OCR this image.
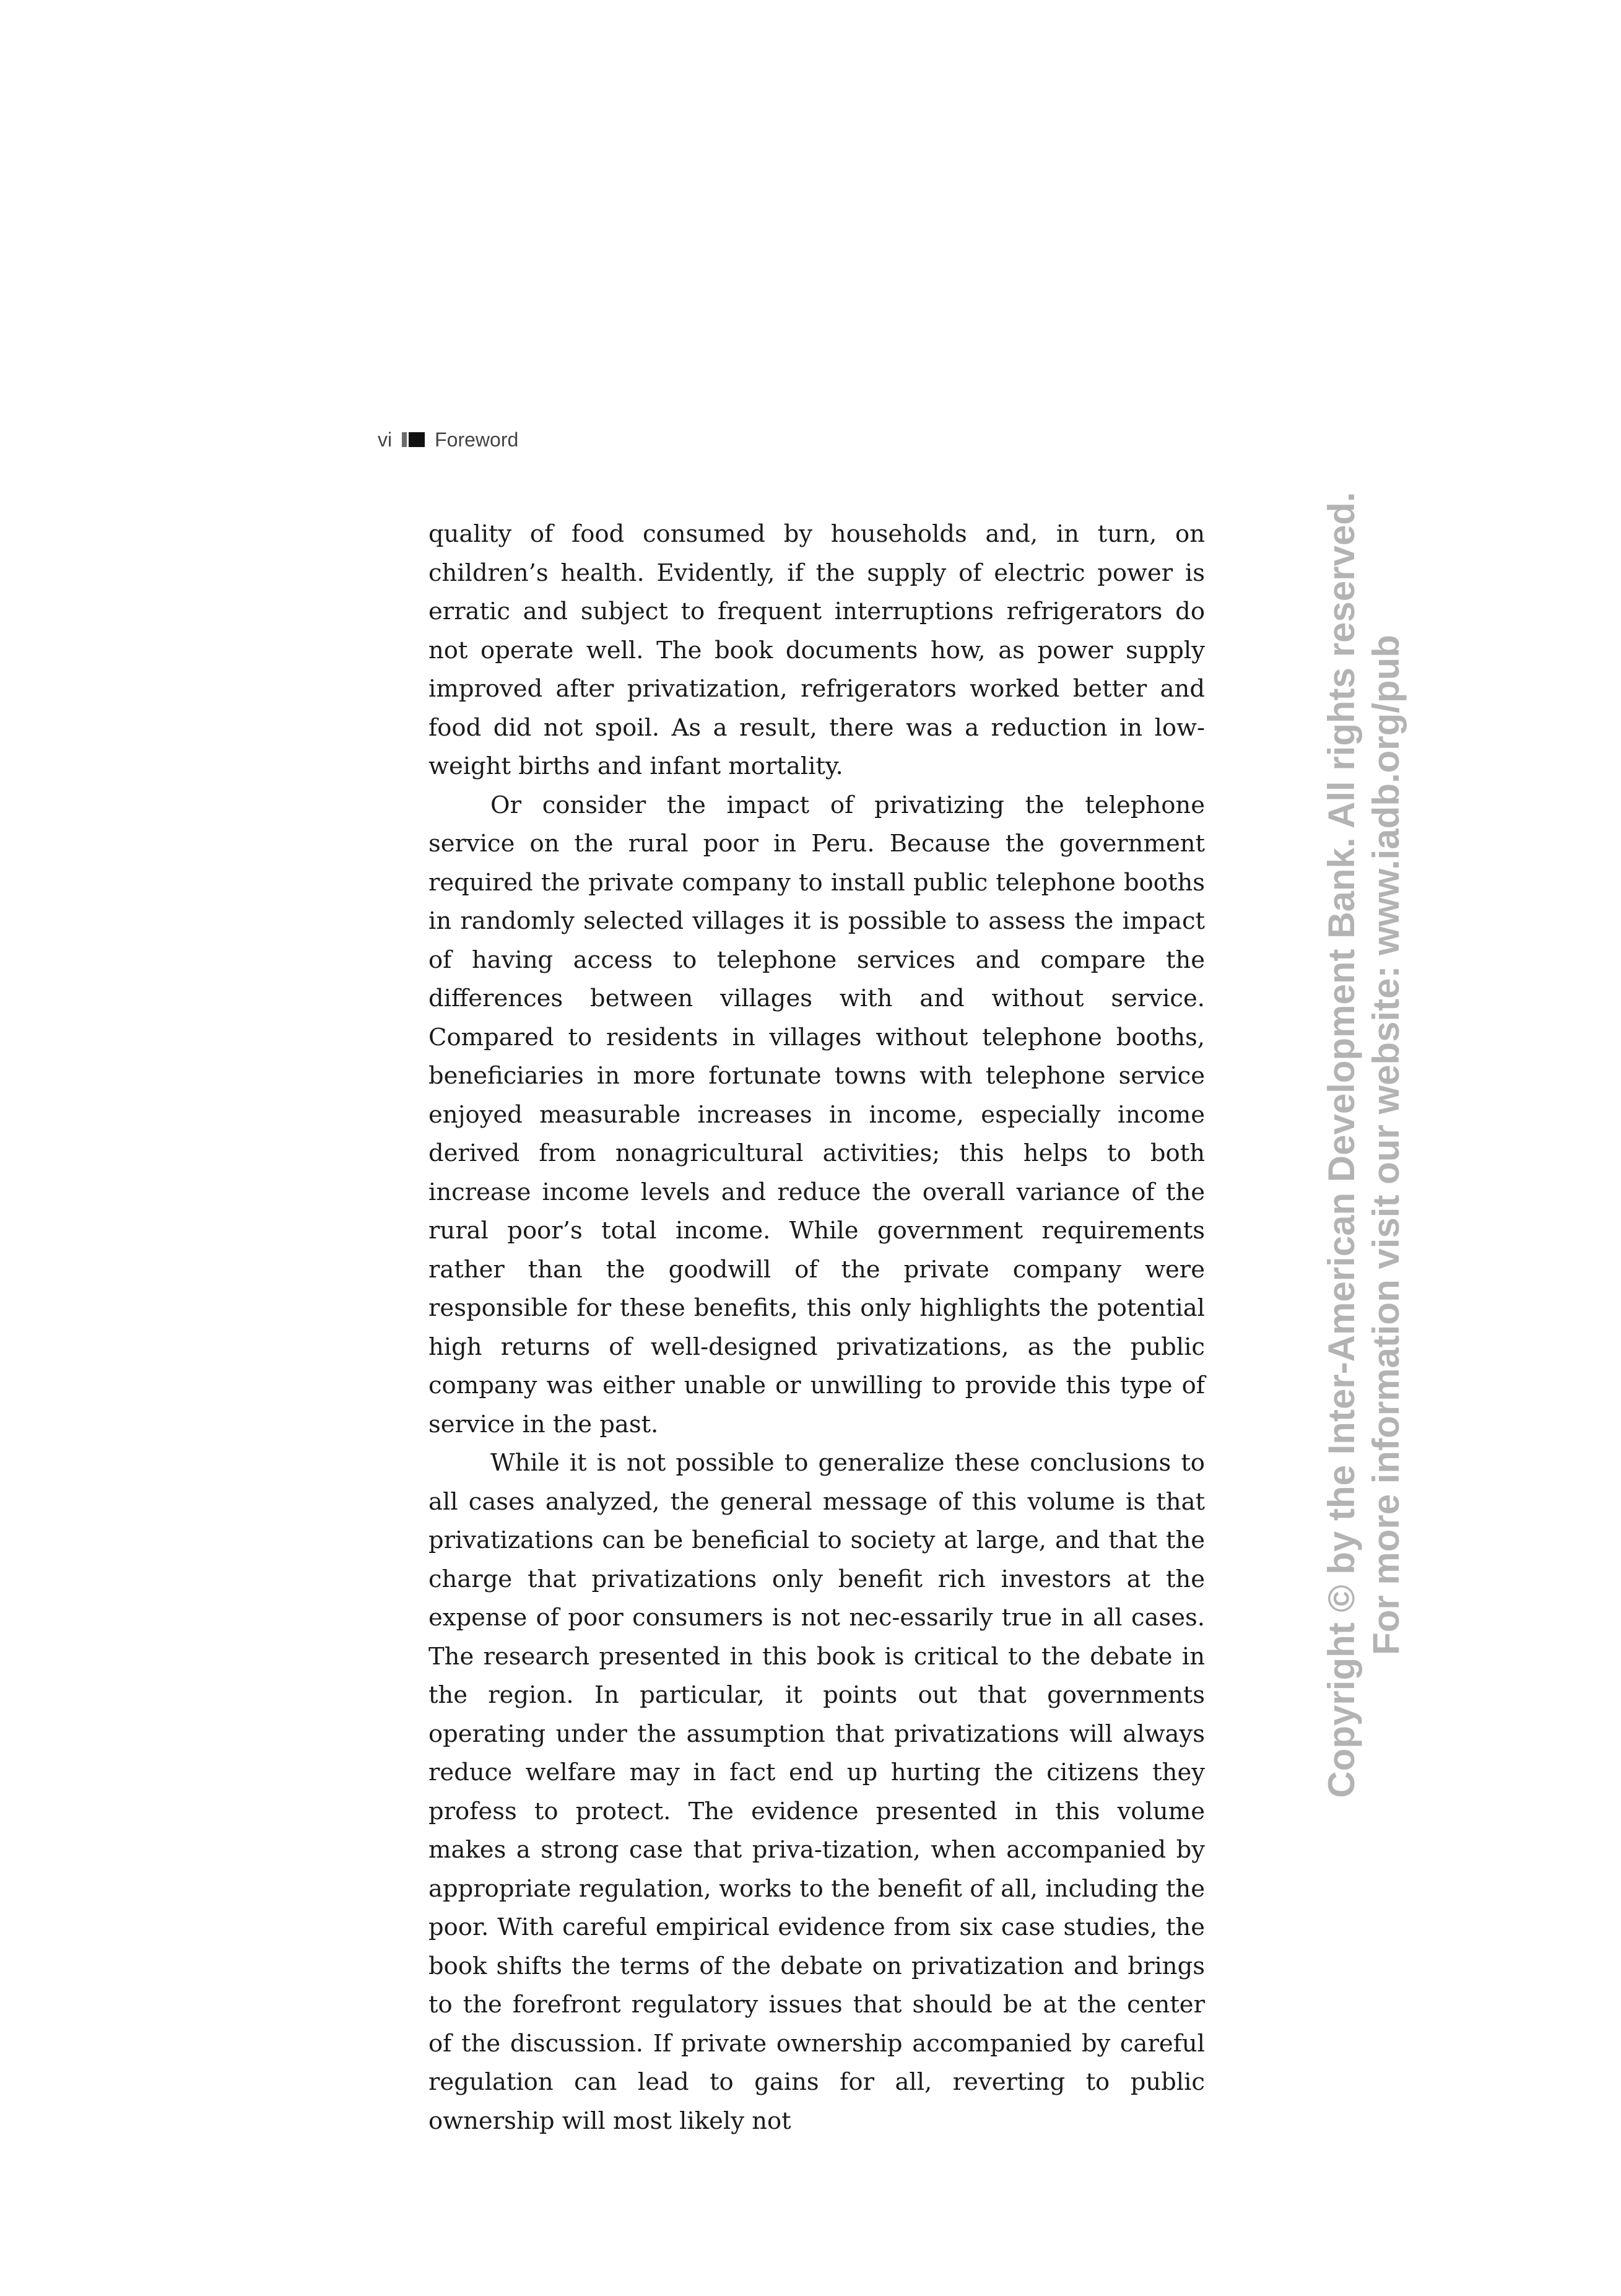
vi Foreword

quality of food consumed by households and, in turn, on children’s health. Evidently, if the supply of electric power is erratic and subject to frequent interruptions refrigerators do not operate well. The book documents how, as power supply improved after privatization, refrigerators worked better and food did not spoil. As a result, there was a reduction in low-weight births and infant mortality.

Or consider the impact of privatizing the telephone service on the rural poor in Peru. Because the government required the private company to install public telephone booths in randomly selected villages it is possible to assess the impact of having access to telephone services and compare the differences between villages with and without service. Compared to residents in villages without telephone booths, beneficiaries in more fortunate towns with telephone service enjoyed measurable increases in income, especially income derived from nonagricultural activities; this helps to both increase income levels and reduce the overall variance of the rural poor’s total income. While government requirements rather than the goodwill of the private company were responsible for these benefits, this only highlights the potential high returns of well-designed privatizations, as the public company was either unable or unwilling to provide this type of service in the past.

While it is not possible to generalize these conclusions to all cases analyzed, the general message of this volume is that privatizations can be beneficial to society at large, and that the charge that privatizations only benefit rich investors at the expense of poor consumers is not nec-essarily true in all cases. The research presented in this book is critical to the debate in the region. In particular, it points out that governments operating under the assumption that privatizations will always reduce welfare may in fact end up hurting the citizens they profess to protect. The evidence presented in this volume makes a strong case that priva-tization, when accompanied by appropriate regulation, works to the benefit of all, including the poor. With careful empirical evidence from six case studies, the book shifts the terms of the debate on privatization and brings to the forefront regulatory issues that should be at the center of the discussion. If private ownership accompanied by careful regulation can lead to gains for all, reverting to public ownership will most likely not

Copyright © by the Inter-American Development Bank. All rights reserved. For more information visit our website: www.iadb.org/pub
